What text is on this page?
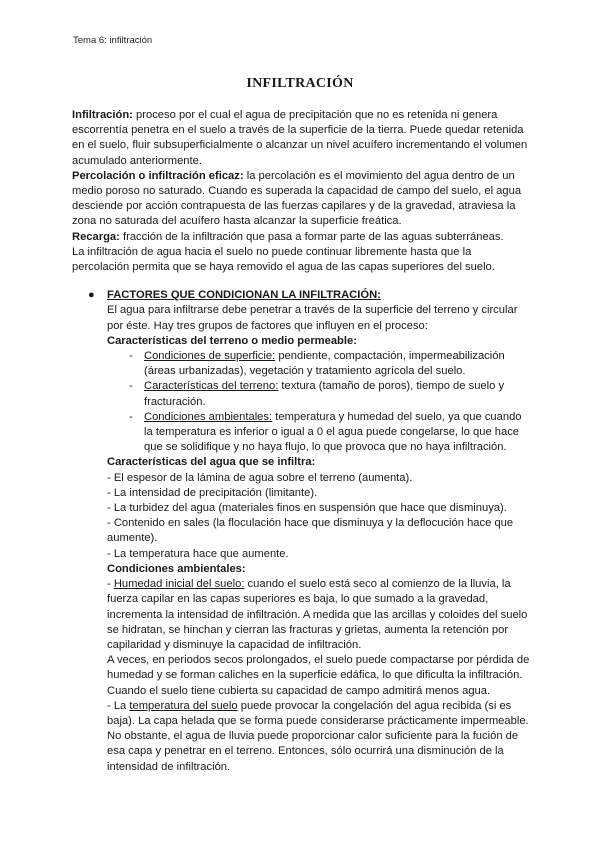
Tema 6: infiltración
INFILTRACIÓN

Infiltración: proceso por el cual el agua de precipitación que no es retenida ni genera escorrentía penetra en el suelo a través de la superficie de la tierra. Puede quedar retenida en el suelo, fluir subsuperficialmente o alcanzar un nivel acuífero incrementando el volumen acumulado anteriormente.

Percolación o infiltración eficaz: la percolación es el movimiento del agua dentro de un medio poroso no saturado. Cuando es superada la capacidad de campo del suelo, el agua desciende por acción contrapuesta de las fuerzas capilares y de la gravedad, atraviesa la zona no saturada del acuífero hasta alcanzar la superficie freática.

Recarga: fracción de la infiltración que pasa a formar parte de las aguas subterráneas.

La infiltración de agua hacia el suelo no puede continuar libremente hasta que la percolación permita que se haya removido el agua de las capas superiores del suelo.

● FACTORES QUE CONDICIONAN LA INFILTRACIÓN:

El agua para infiltrarse debe penetrar a través de la superficie del terreno y circular por éste. Hay tres grupos de factores que influyen en el proceso:

Características del terreno o medio permeable:

- Condiciones de superficie: pendiente, compactación, impermeabilización (áreas urbanizadas), vegetación y tratamiento agrícola del suelo.
- Características del terreno: textura (tamaño de poros), tiempo de suelo y fracturación.
- Condiciones ambientales: temperatura y humedad del suelo, ya que cuando la temperatura es inferior o igual a 0 el agua puede congelarse, lo que hace que se solidifique y no haya flujo, lo que provoca que no haya infiltración.

Características del agua que se infiltra:

- El espesor de la lámina de agua sobre el terreno (aumenta).

- La intensidad de precipitación (limitante).

- La turbidez del agua (materiales finos en suspensión que hace que disminuya).

- Contenido en sales (la floculación hace que disminuya y la deflocución hace que aumente).

- La temperatura hace que aumente.

Condiciones ambientales:

- Humedad inicial del suelo: cuando el suelo está seco al comienzo de la lluvia, la fuerza capilar en las capas superiores es baja, lo que sumado a la gravedad, incrementa la intensidad de infiltración. A medida que las arcillas y coloides del suelo se hidratan, se hinchan y cierran las fracturas y grietas, aumenta la retención por capilaridad y disminuye la capacidad de infiltración.

A veces, en periodos secos prolongados, el suelo puede compactarse por pérdida de humedad y se forman caliches en la superficie edáfica, lo que dificulta la infiltración.

Cuando el suelo tiene cubierta su capacidad de campo admitirá menos agua.

- La temperatura del suelo puede provocar la congelación del agua recibida (si es baja). La capa helada que se forma puede considerarse prácticamente impermeable. No obstante, el agua de lluvia puede proporcionar calor suficiente para la fución de esa capa y penetrar en el terreno. Entonces, sólo ocurrirá una disminución de la intensidad de infiltración.
